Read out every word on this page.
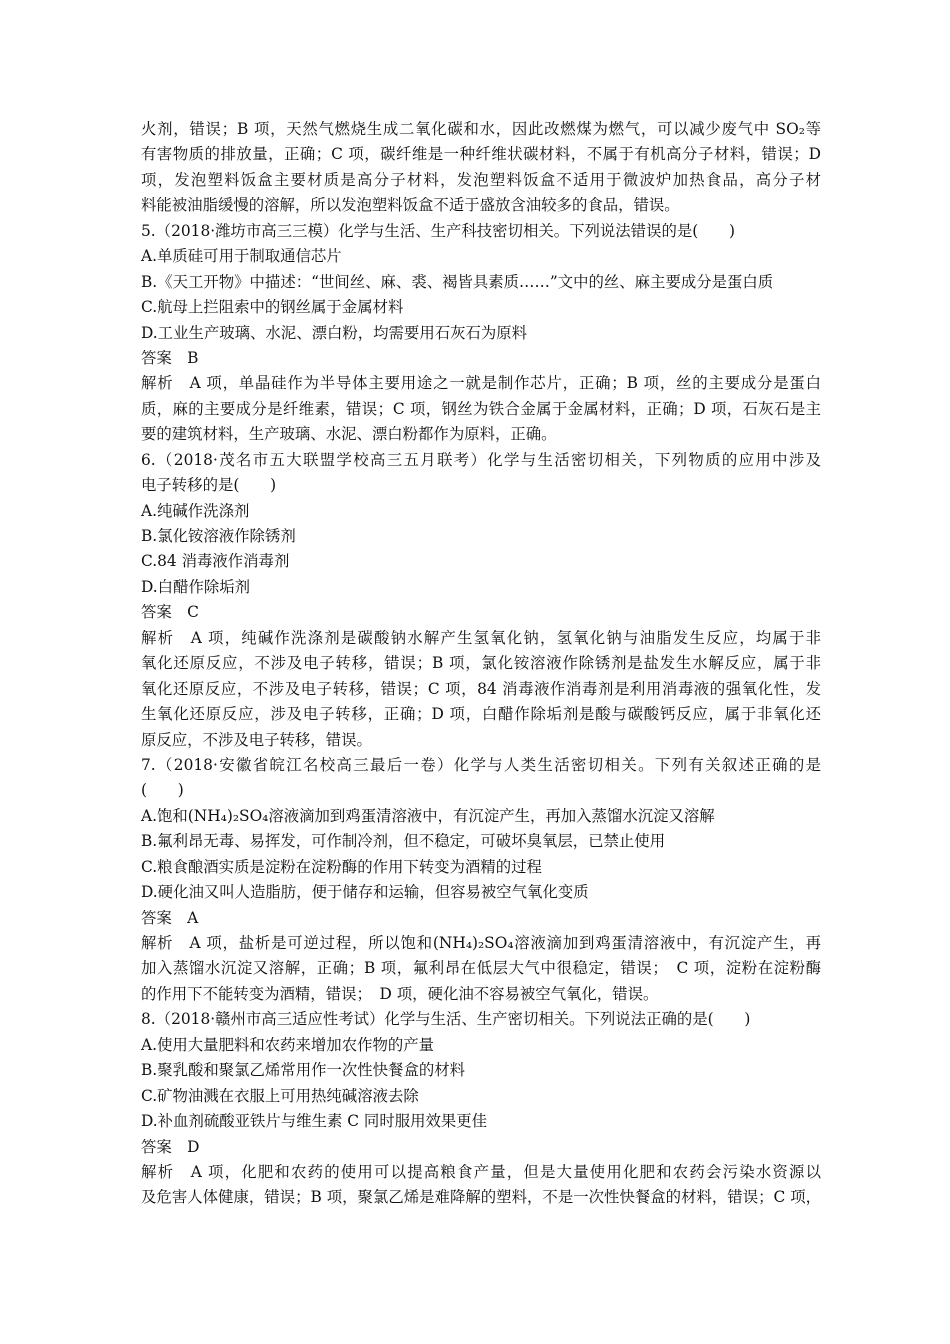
火剂，错误；B 项，天然气燃烧生成二氧化碳和水，因此改燃煤为燃气，可以减少废气中 SO₂等
有害物质的排放量，正确；C 项，碳纤维是一种纤维状碳材料，不属于有机高分子材料，错误；D
项，发泡塑料饭盒主要材质是高分子材料，发泡塑料饭盒不适用于微波炉加热食品，高分子材
料能被油脂缓慢的溶解，所以发泡塑料饭盒不适于盛放含油较多的食品，错误。
5.（2018·潍坊市高三三模）化学与生活、生产科技密切相关。下列说法错误的是(　　)
A.单质硅可用于制取通信芯片
B.《天工开物》中描述：“世间丝、麻、裘、褐皆具素质……”文中的丝、麻主要成分是蛋白质
C.航母上拦阻索中的钢丝属于金属材料
D.工业生产玻璃、水泥、漂白粉，均需要用石灰石为原料
答案　B
解析　A 项，单晶硅作为半导体主要用途之一就是制作芯片，正确；B 项，丝的主要成分是蛋白
质，麻的主要成分是纤维素，错误；C 项，钢丝为铁合金属于金属材料，正确；D 项，石灰石是主
要的建筑材料，生产玻璃、水泥、漂白粉都作为原料，正确。
6.（2018·茂名市五大联盟学校高三五月联考）化学与生活密切相关，下列物质的应用中涉及
电子转移的是(　　)
A.纯碱作洗涤剂
B.氯化铵溶液作除锈剂
C.84 消毒液作消毒剂
D.白醋作除垢剂
答案　C
解析　A 项，纯碱作洗涤剂是碳酸钠水解产生氢氧化钠，氢氧化钠与油脂发生反应，均属于非
氧化还原反应，不涉及电子转移，错误；B 项，氯化铵溶液作除锈剂是盐发生水解反应，属于非
氧化还原反应，不涉及电子转移，错误；C 项，84 消毒液作消毒剂是利用消毒液的强氧化性，发
生氧化还原反应，涉及电子转移，正确；D 项，白醋作除垢剂是酸与碳酸钙反应，属于非氧化还
原反应，不涉及电子转移，错误。
7.（2018·安徽省皖江名校高三最后一卷）化学与人类生活密切相关。下列有关叙述正确的是
(　　)
A.饱和(NH₄)₂SO₄溶液滴加到鸡蛋清溶液中，有沉淀产生，再加入蒸馏水沉淀又溶解
B.氟利昂无毒、易挥发，可作制冷剂，但不稳定，可破坏臭氧层，已禁止使用
C.粮食酿酒实质是淀粉在淀粉酶的作用下转变为酒精的过程
D.硬化油又叫人造脂肪，便于储存和运输，但容易被空气氧化变质
答案　A
解析　A 项，盐析是可逆过程，所以饱和(NH₄)₂SO₄溶液滴加到鸡蛋清溶液中，有沉淀产生，再
加入蒸馏水沉淀又溶解，正确；B 项，氟利昂在低层大气中很稳定，错误；　C 项，淀粉在淀粉酶
的作用下不能转变为酒精，错误；　D 项，硬化油不容易被空气氧化，错误。
8.（2018·赣州市高三适应性考试）化学与生活、生产密切相关。下列说法正确的是(　　)
A.使用大量肥料和农药来增加农作物的产量
B.聚乳酸和聚氯乙烯常用作一次性快餐盒的材料
C.矿物油溅在衣服上可用热纯碱溶液去除
D.补血剂硫酸亚铁片与维生素 C 同时服用效果更佳
答案　D
解析　A 项，化肥和农药的使用可以提高粮食产量，但是大量使用化肥和农药会污染水资源以
及危害人体健康，错误；B 项，聚氯乙烯是难降解的塑料，不是一次性快餐盒的材料，错误；C 项，
